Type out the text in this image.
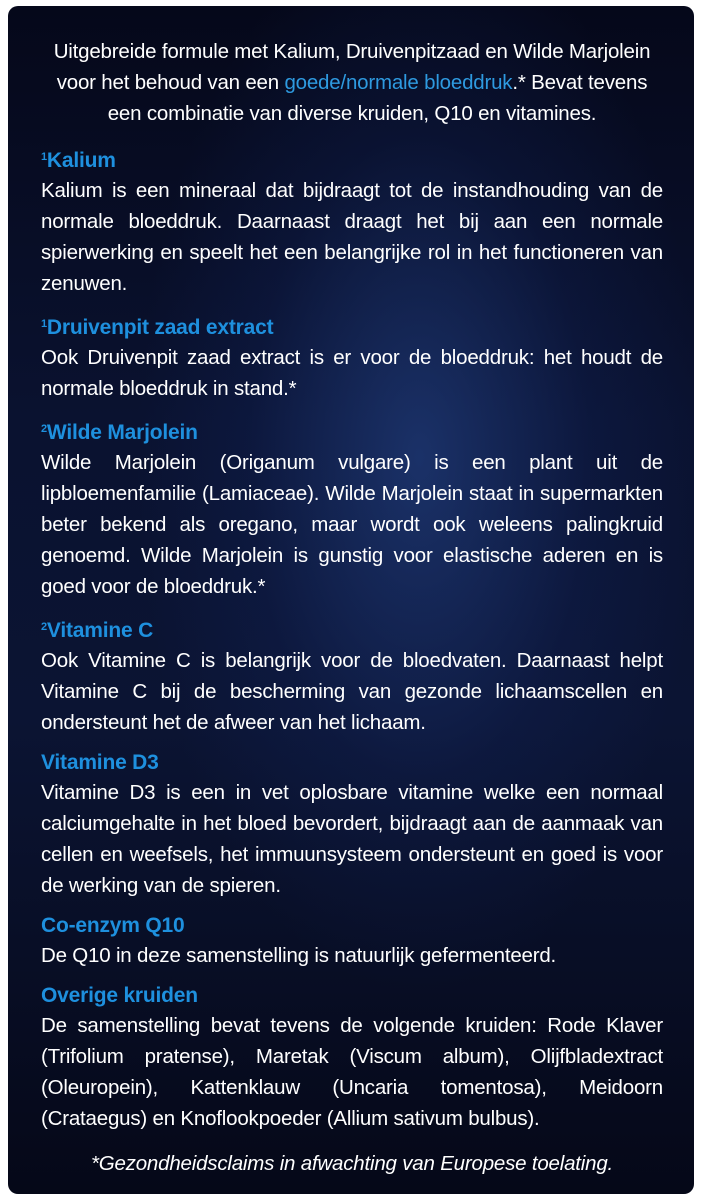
Uitgebreide formule met Kalium, Druivenpitzaad en Wilde Marjolein voor het behoud van een goede/normale bloeddruk.* Bevat tevens een combinatie van diverse kruiden, Q10 en vitamines.

$^1$Kalium

Kalium is een mineraal dat bijdraagt tot de instandhouding van de normale bloeddruk. Daarnaast draagt het bij aan een normale spierwerking en speelt het een belangrijke rol in het functioneren van zenuwen.

$^1$Druivenpit zaad extract

Ook Druivenpit zaad extract is er voor de bloeddruk: het houdt de normale bloeddruk in stand.*

$^2$Wilde Marjolein

Wilde Marjolein (Origanum vulgare) is een plant uit de lipbloemenfamilie (Lamiaceae). Wilde Marjolein staat in supermarkten beter bekend als oregano, maar wordt ook weleens palingkruid genoemd. Wilde Marjolein is gunstig voor elastische aderen en is goed voor de bloeddruk.*

$^2$Vitamine C

Ook Vitamine C is belangrijk voor de bloedvaten. Daarnaast helpt Vitamine C bij de bescherming van gezonde lichaamscellen en ondersteunt het de afweer van het lichaam.

Vitamine D3

Vitamine D3 is een in vet oplosbare vitamine welke een normaal calciumgehalte in het bloed bevordert, bijdraagt aan de aanmaak van cellen en weefsels, het immuunsysteem ondersteunt en goed is voor de werking van de spieren.

Co-enzym Q10

De Q10 in deze samenstelling is natuurlijk gefermenteerd.

Overige kruiden

De samenstelling bevat tevens de volgende kruiden: Rode Klaver (Trifolium pratense), Maretak (Viscum album), Olijfbladextract (Oleuropein), Kattenklauw (Uncaria tomentosa), Meidoorn (Crataegus) en Knoflookpoeder (Allium sativum bulbus).

*Gezondheidsclaims in afwachting van Europese toelating.
